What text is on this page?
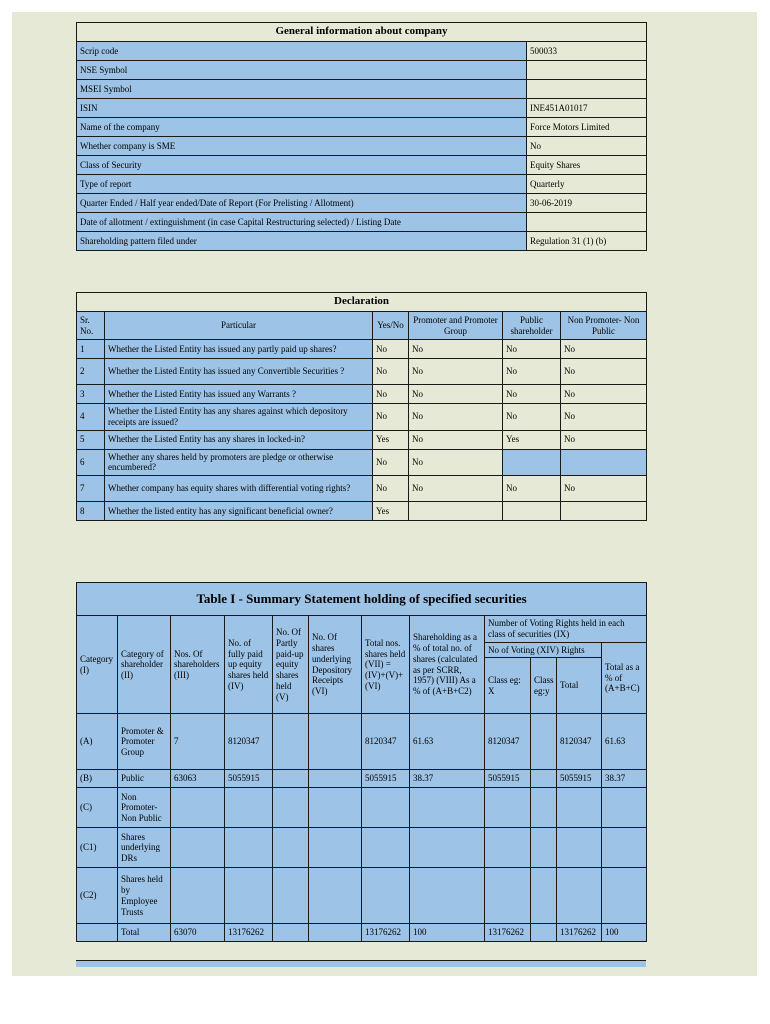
General information about company	
Scrip code	500033
NSE Symbol	
MSEI Symbol	
ISIN	INE451A01017
Name of the company	Force Motors Limited
Whether company is SME	No
Class of Security	Equity Shares
Type of report	Quarterly
Quarter Ended / Half year ended/Date of Report (For Prelisting / Allotment)	30-06-2019
Date of allotment / extinguishment (in case Capital Restructuring selected) / Listing Date	
Shareholding pattern filed under	Regulation 31 (1) (b)
Declaration					
Sr. No.	Particular	Yes/No	Promoter and Promoter Group	Public shareholder	Non Promoter- Non Public
1	Whether the Listed Entity has issued any partly paid up shares?	No	No	No	No
2	Whether the Listed Entity has issued any Convertible Securities ?	No	No	No	No
3	Whether the Listed Entity has issued any Warrants ?	No	No	No	No
4	Whether the Listed Entity has any shares against which depository receipts are issued?	No	No	No	No
5	Whether the Listed Entity has any shares in locked-in?	Yes	No	Yes	No
6	Whether any shares held by promoters are pledge or otherwise encumbered?	No	No		
7	Whether company has equity shares with differential voting rights?	No	No	No	No
8	Whether the listed entity has any significant beneficial owner?	Yes			
Table I - Summary Statement holding of specified securities											
Category (I)	Category of shareholder (II)	Nos. Of shareholders (III)	No. of fully paid up equity shares held (IV)	No. Of Partly paid-up equity shares held (V)	No. Of shares underlying Depository Receipts (VI)	Total nos. shares held (VII) = (IV)+(V)+ (VI)	Shareholding as a % of total no. of shares (calculated as per SCRR, 1957) (VIII) As a % of (A+B+C2)	Number of Voting Rights held in each class of securities (IX)			
								No of Voting (XIV) Rights			Total as a % of (A+B+C)
								Class eg: X	Class eg:y	Total	
(A)	Promoter & Promoter Group	7	8120347			8120347	61.63	8120347		8120347	61.63
(B)	Public	63063	5055915			5055915	38.37	5055915		5055915	38.37
(C)	Non Promoter- Non Public										
(C1)	Shares underlying DRs										
(C2)	Shares held by Employee Trusts										
	Total	63070	13176262			13176262	100	13176262		13176262	100
